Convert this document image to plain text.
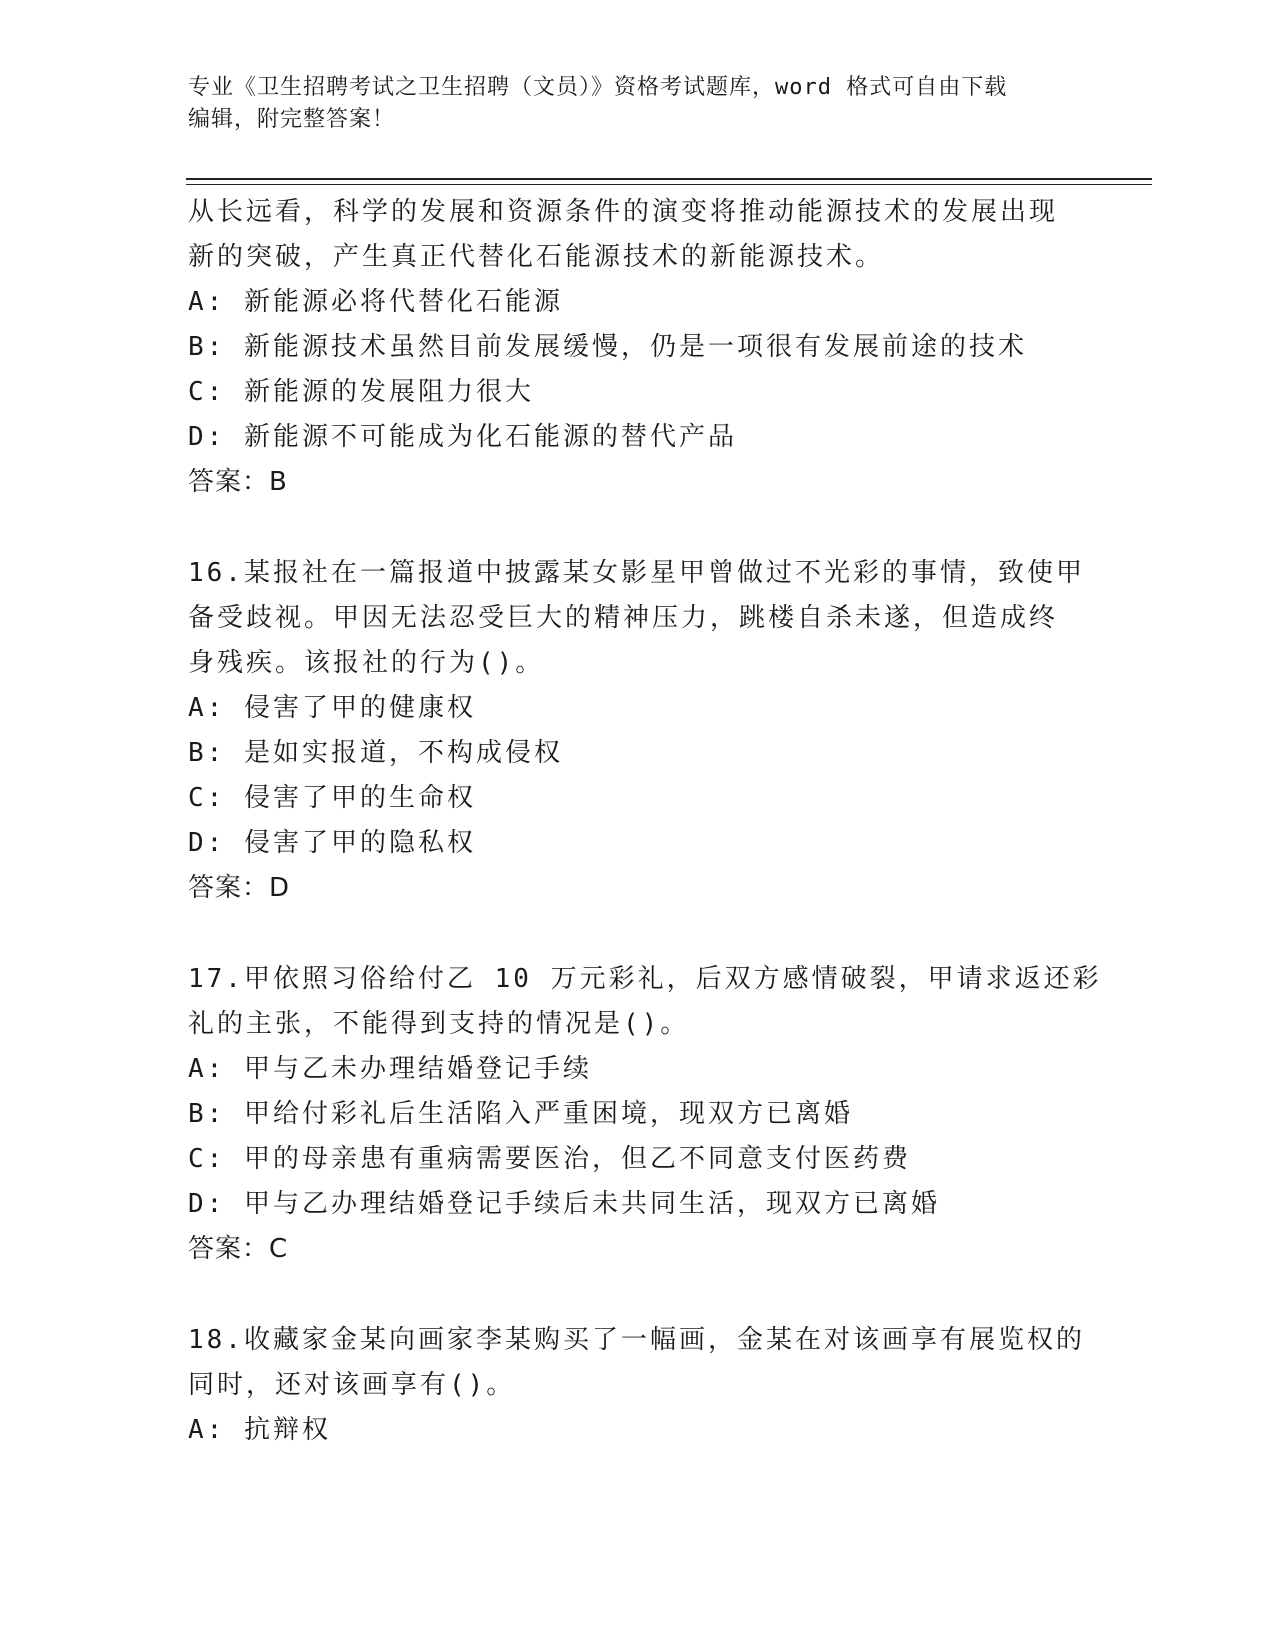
专业《卫生招聘考试之卫生招聘（文员）》资格考试题库，word 格式可自由下载
编辑，附完整答案！
从长远看，科学的发展和资源条件的演变将推动能源技术的发展出现
新的突破，产生真正代替化石能源技术的新能源技术。
A: 新能源必将代替化石能源
B: 新能源技术虽然目前发展缓慢，仍是一项很有发展前途的技术
C: 新能源的发展阻力很大
D: 新能源不可能成为化石能源的替代产品
答案：B
16.某报社在一篇报道中披露某女影星甲曾做过不光彩的事情，致使甲
备受歧视。甲因无法忍受巨大的精神压力，跳楼自杀未遂，但造成终
身残疾。该报社的行为()。
A: 侵害了甲的健康权
B: 是如实报道，不构成侵权
C: 侵害了甲的生命权
D: 侵害了甲的隐私权
答案：D
17.甲依照习俗给付乙 10 万元彩礼，后双方感情破裂，甲请求返还彩
礼的主张，不能得到支持的情况是()。
A: 甲与乙未办理结婚登记手续
B: 甲给付彩礼后生活陷入严重困境，现双方已离婚
C: 甲的母亲患有重病需要医治，但乙不同意支付医药费
D: 甲与乙办理结婚登记手续后未共同生活，现双方已离婚
答案：C
18.收藏家金某向画家李某购买了一幅画，金某在对该画享有展览权的
同时，还对该画享有()。
A: 抗辩权
